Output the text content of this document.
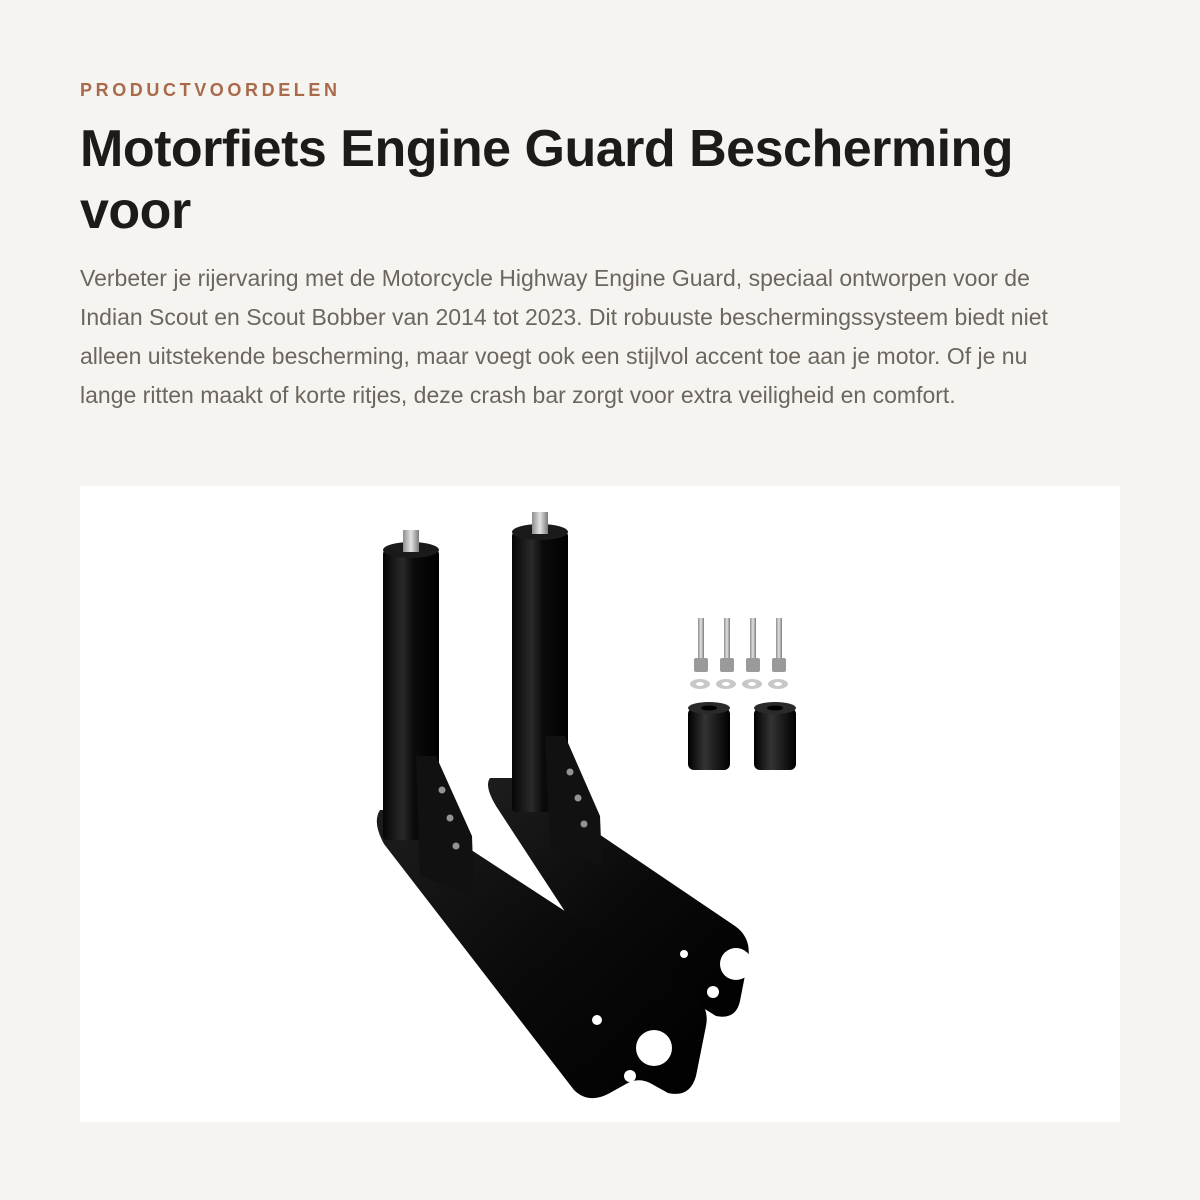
PRODUCTVOORDELEN

Motorfiets Engine Guard Bescherming voor

Verbeter je rijervaring met de Motorcycle Highway Engine Guard, speciaal ontworpen voor de Indian Scout en Scout Bobber van 2014 tot 2023. Dit robuuste beschermingssysteem biedt niet alleen uitstekende bescherming, maar voegt ook een stijlvol accent toe aan je motor. Of je nu lange ritten maakt of korte ritjes, deze crash bar zorgt voor extra veiligheid en comfort.
